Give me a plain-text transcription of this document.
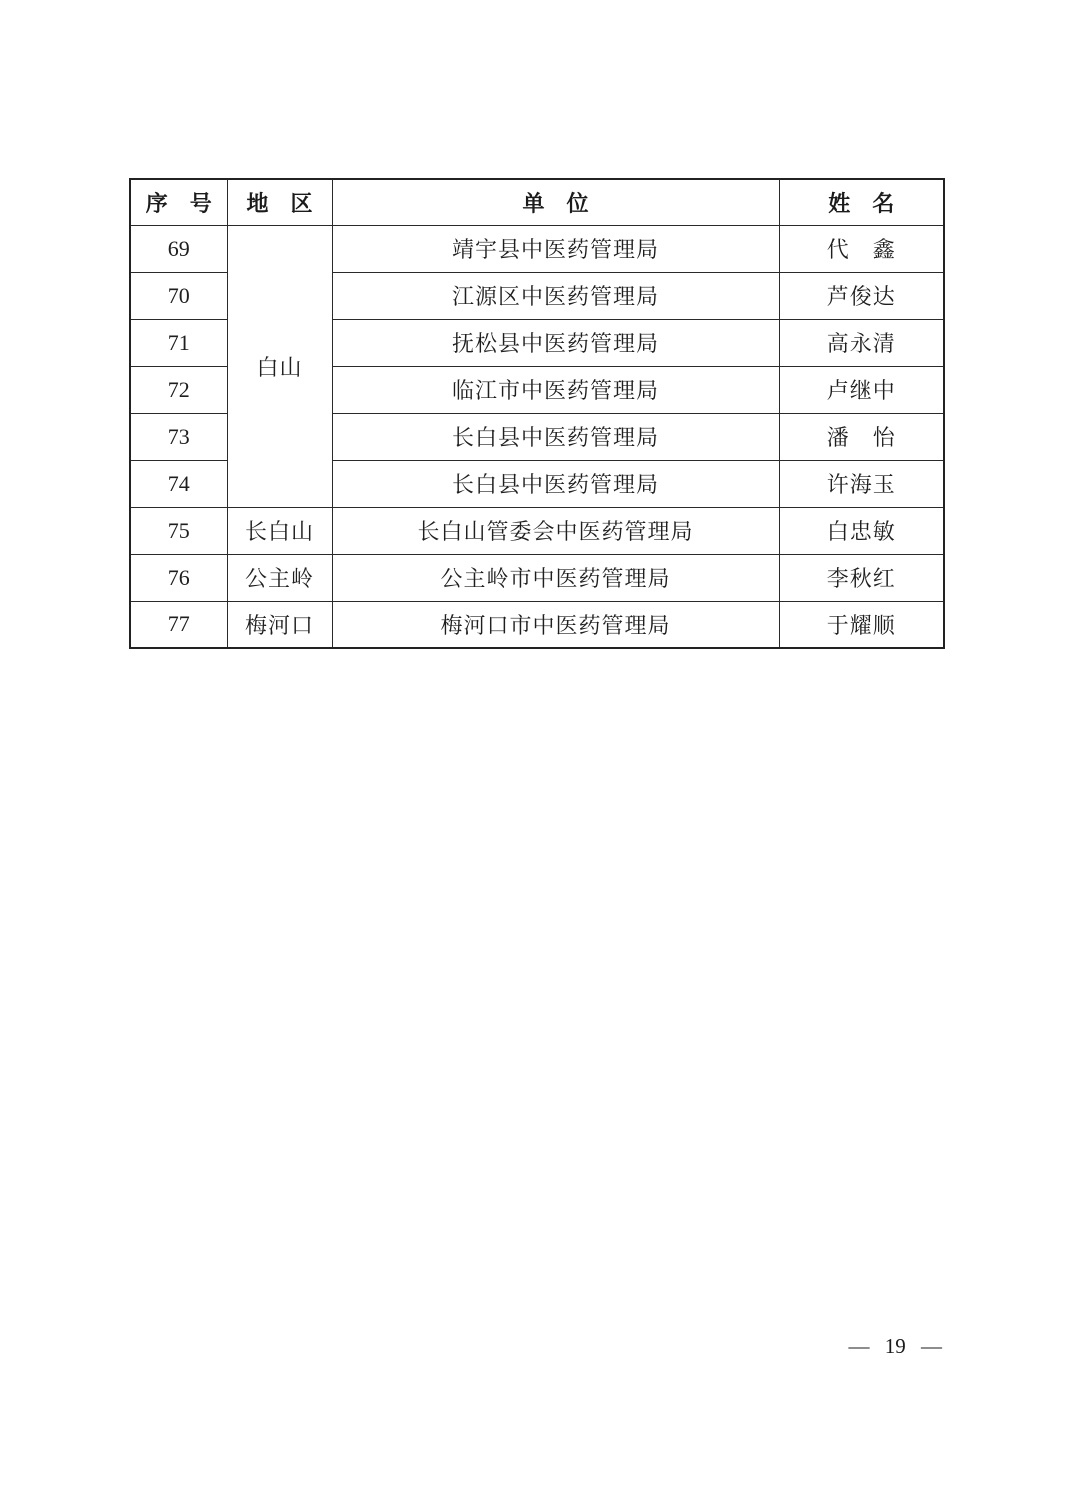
序　号	地　区	单　位	姓　名
69	白山	靖宇县中医药管理局	代　鑫
70		江源区中医药管理局	芦俊达
71		抚松县中医药管理局	高永清
72		临江市中医药管理局	卢继中
73		长白县中医药管理局	潘　怡
74		长白县中医药管理局	许海玉
75	长白山	长白山管委会中医药管理局	白忠敏
76	公主岭	公主岭市中医药管理局	李秋红
77	梅河口	梅河口市中医药管理局	于耀顺
— 19 —
